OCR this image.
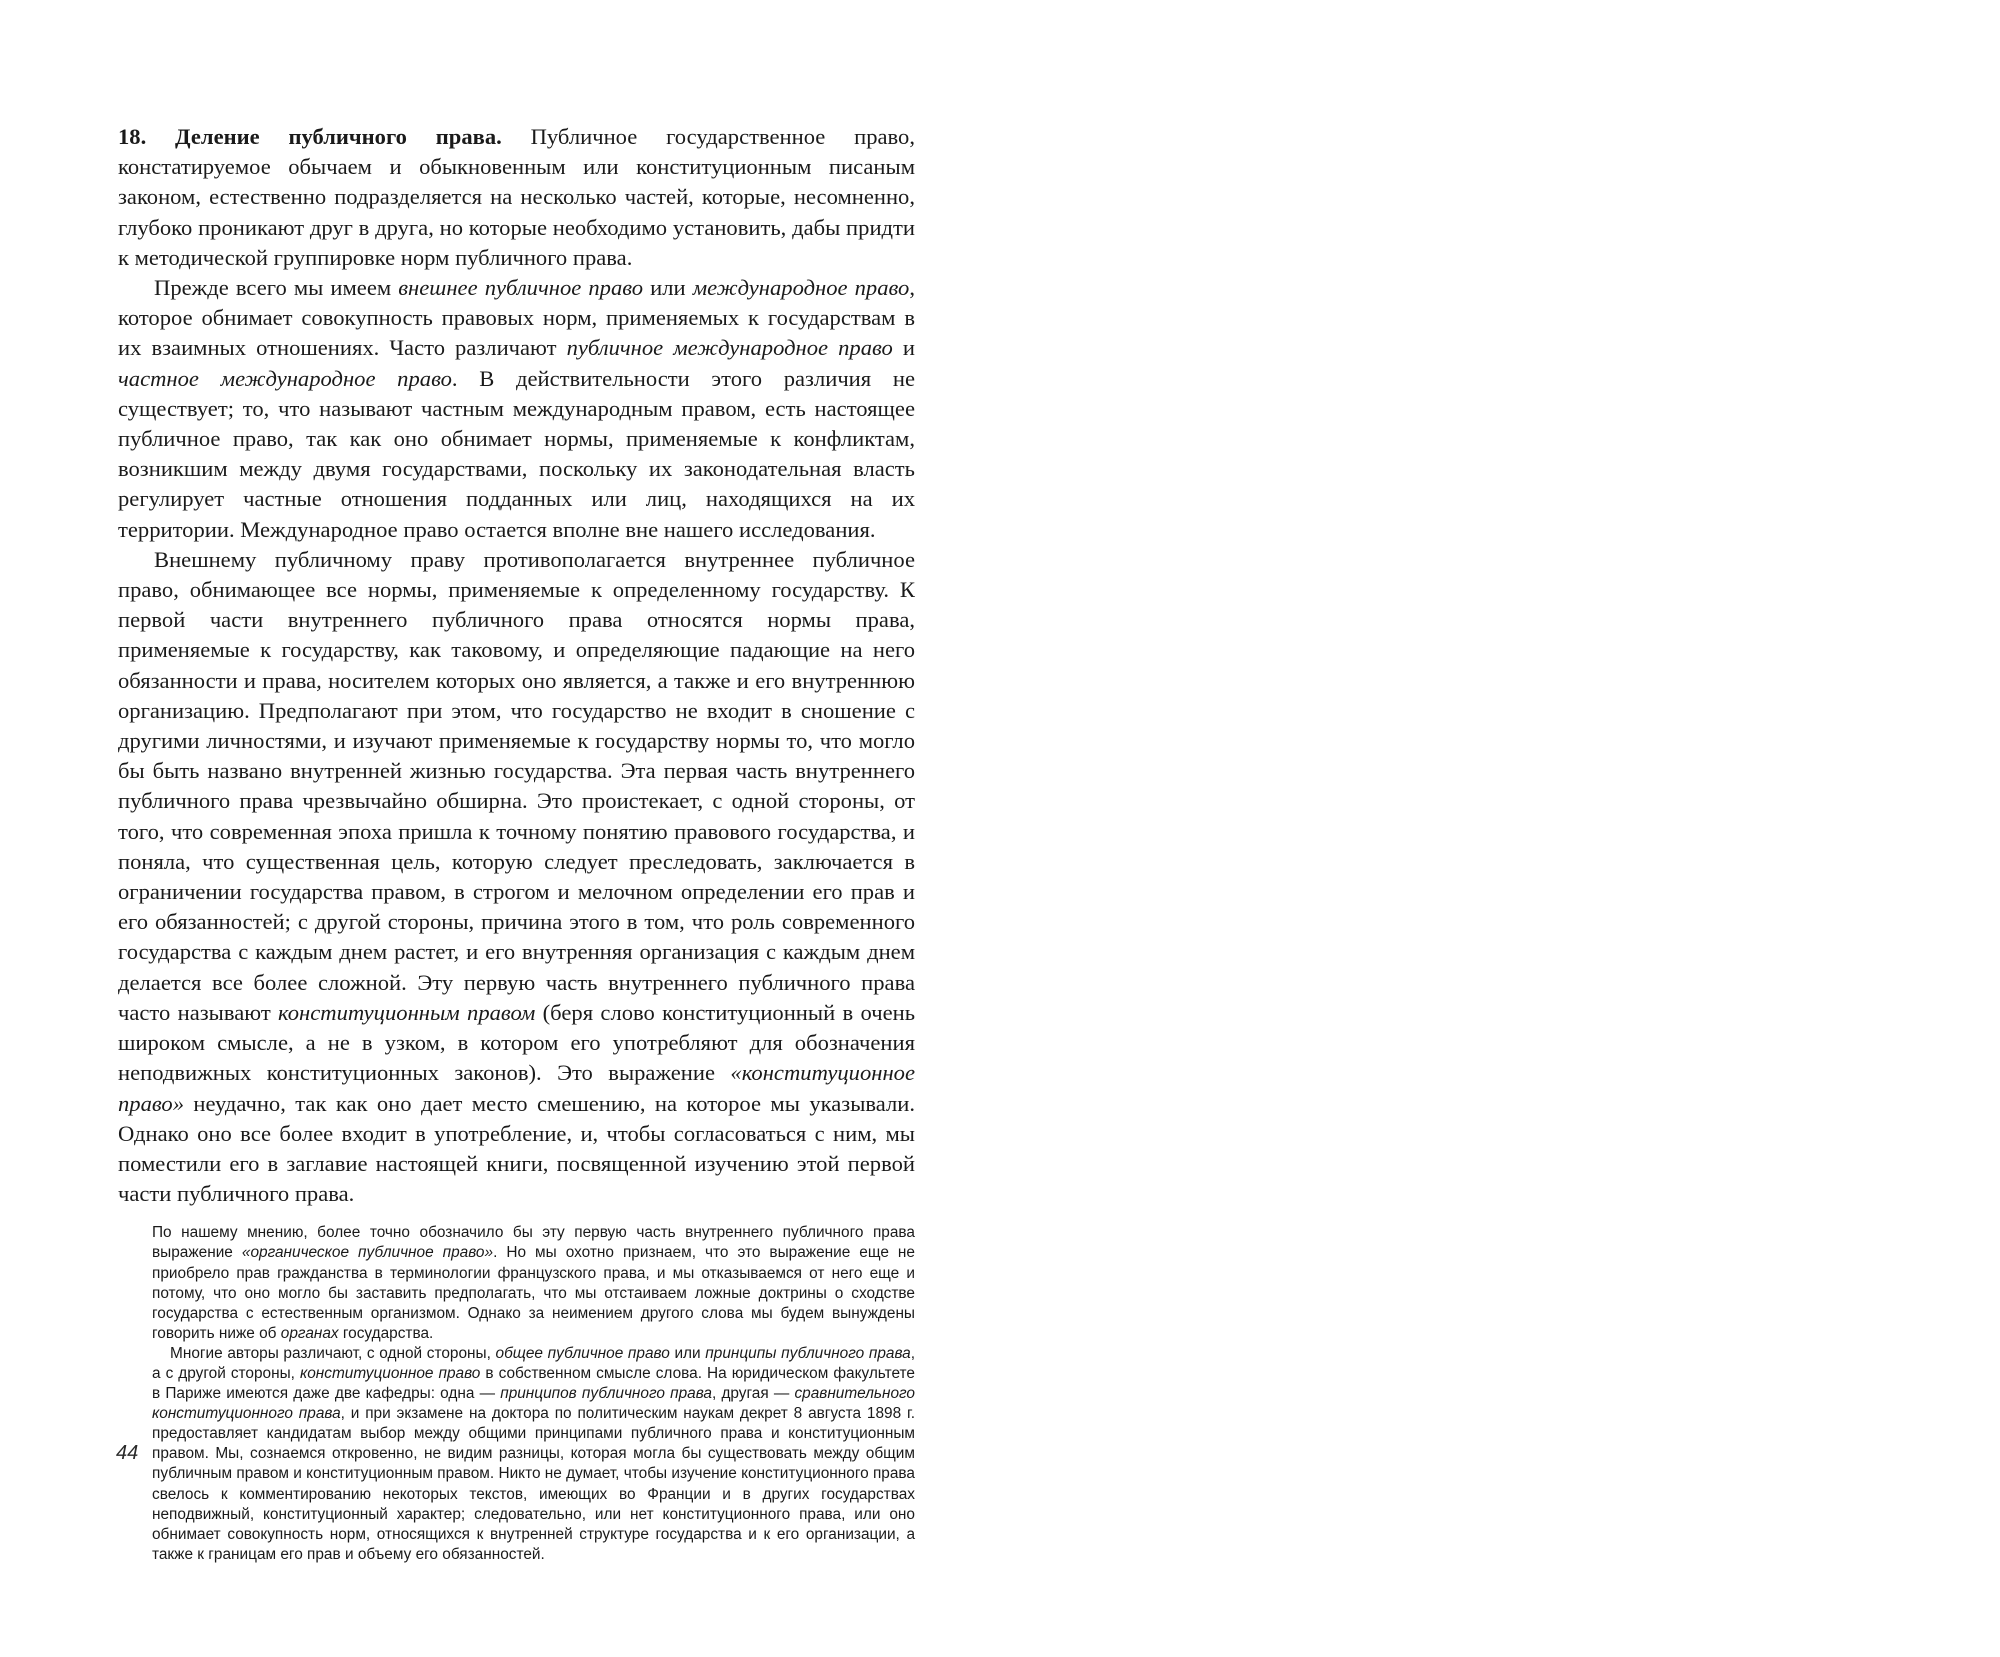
18. Деление публичного права. Публичное государственное право, констатируемое обычаем и обыкновенным или конституционным писаным законом, естественно подразделяется на несколько частей, которые, несомненно, глубоко проникают друг в друга, но которые необходимо установить, дабы придти к методической группировке норм публичного права.

Прежде всего мы имеем внешнее публичное право или международное право, которое обнимает совокупность правовых норм, применяемых к государствам в их взаимных отношениях. Часто различают публичное международное право и частное международное право. В действительности этого различия не существует; то, что называют частным международным правом, есть настоящее публичное право, так как оно обнимает нормы, применяемые к конфликтам, возникшим между двумя государствами, поскольку их законодательная власть регулирует частные отношения подданных или лиц, находящихся на их территории. Международное право остается вполне вне нашего исследования.

Внешнему публичному праву противополагается внутреннее публичное право, обнимающее все нормы, применяемые к определенному государству. К первой части внутреннего публичного права относятся нормы права, применяемые к государству, как таковому, и определяющие падающие на него обязанности и права, носителем которых оно является, а также и его внутреннюю организацию. Предполагают при этом, что государство не входит в сношение с другими личностями, и изучают применяемые к государству нормы то, что могло бы быть названо внутренней жизнью государства. Эта первая часть внутреннего публичного права чрезвычайно обширна. Это проистекает, с одной стороны, от того, что современная эпоха пришла к точному понятию правового государства, и поняла, что существенная цель, которую следует преследовать, заключается в ограничении государства правом, в строгом и мелочном определении его прав и его обязанностей; с другой стороны, причина этого в том, что роль современного государства с каждым днем растет, и его внутренняя организация с каждым днем делается все более сложной. Эту первую часть внутреннего публичного права часто называют конституционным правом (беря слово конституционный в очень широком смысле, а не в узком, в котором его употребляют для обозначения неподвижных конституционных законов). Это выражение «конституционное право» неудачно, так как оно дает место смешению, на которое мы указывали. Однако оно все более входит в употребление, и, чтобы согласоваться с ним, мы поместили его в заглавие настоящей книги, посвященной изучению этой первой части публичного права.

По нашему мнению, более точно обозначило бы эту первую часть внутреннего публичного права выражение «органическое публичное право». Но мы охотно признаем, что это выражение еще не приобрело прав гражданства в терминологии французского права, и мы отказываемся от него еще и потому, что оно могло бы заставить предполагать, что мы отстаиваем ложные доктрины о сходстве государства с естественным организмом. Однако за неимением другого слова мы будем вынуждены говорить ниже об органах государства.

Многие авторы различают, с одной стороны, общее публичное право или принципы публичного права, а с другой стороны, конституционное право в собственном смысле слова. На юридическом факультете в Париже имеются даже две кафедры: одна — принципов публичного права, другая — сравнительного конституционного права, и при экзамене на доктора по политическим наукам декрет 8 августа 1898 г. предоставляет кандидатам выбор между общими принципами публичного права и конституционным правом. Мы, сознаемся откровенно, не видим разницы, которая могла бы существовать между общим публичным правом и конституционным правом. Никто не думает, чтобы изучение конституционного права свелось к комментированию некоторых текстов, имеющих во Франции и в других государствах неподвижный, конституционный характер; следовательно, или нет конституционного права, или оно обнимает совокупность норм, относящихся к внутренней структуре государства и к его организации, а также к границам его прав и объему его обязанностей.

44
